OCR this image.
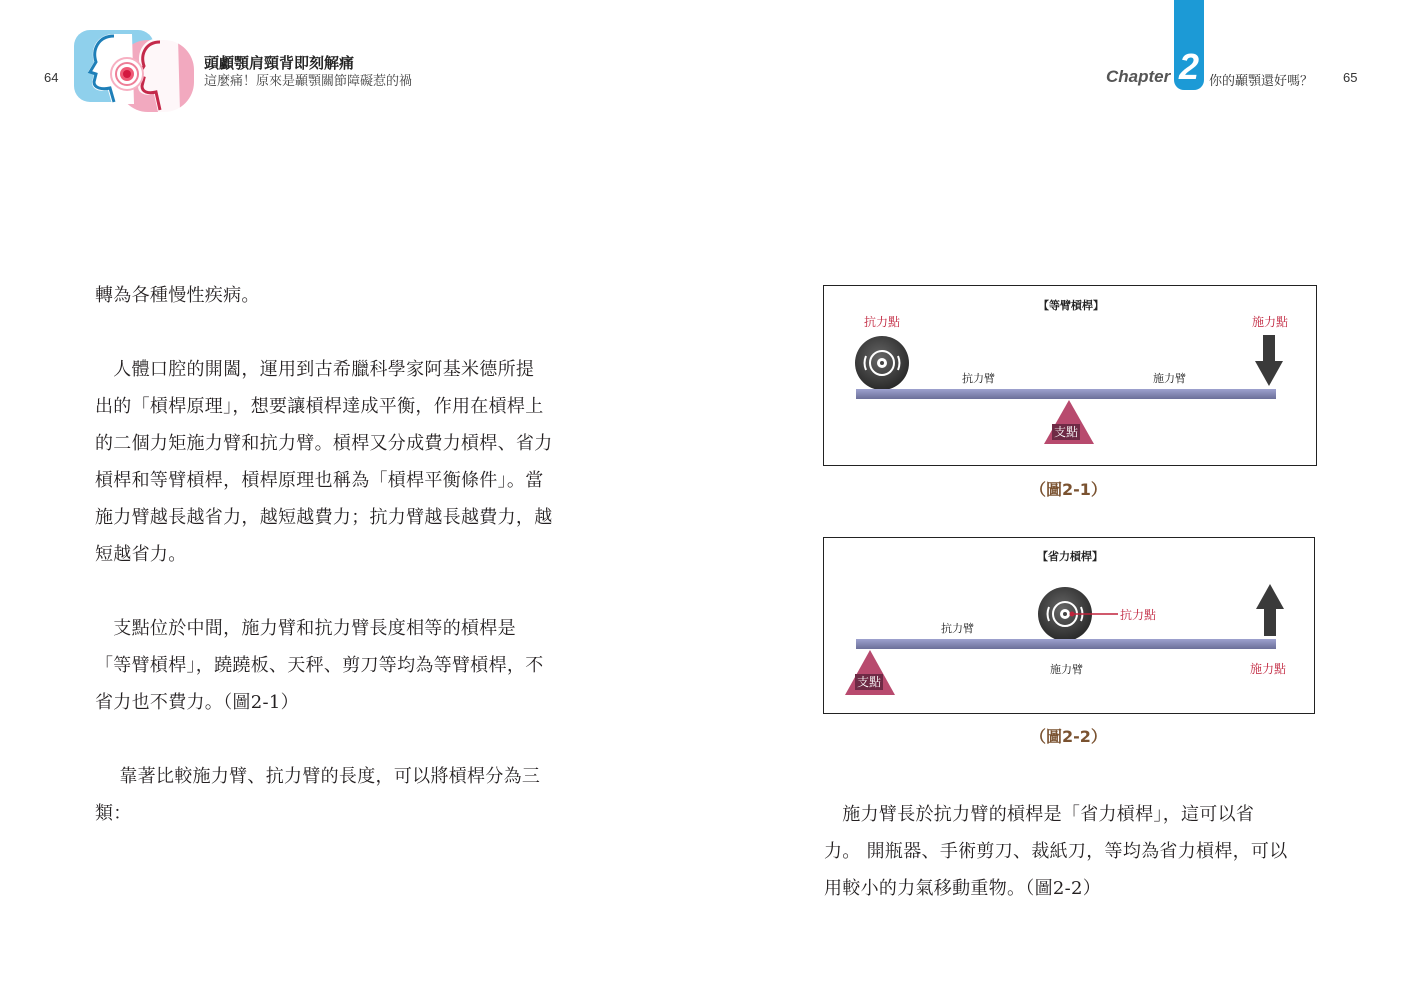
64
頭顱顎肩頸背即刻解痛
這麼痛！原來是顳顎關節障礙惹的禍	Chapter 2 你的顳顎還好嗎？ 65

轉為各種慢性疾病。

　人體口腔的開闔，運用到古希臘科學家阿基米德所提
出的「槓桿原理」，想要讓槓桿達成平衡，作用在槓桿上
的二個力矩施力臂和抗力臂。槓桿又分成費力槓桿、省力
槓桿和等臂槓桿，槓桿原理也稱為「槓桿平衡條件」。當
施力臂越長越省力，越短越費力；抗力臂越長越費力，越
短越省力。

　支點位於中間，施力臂和抗力臂長度相等的槓桿是
「等臂槓桿」，蹺蹺板、天秤、剪刀等均為等臂槓桿，不
省力也不費力。（圖2-1）

　 靠著比較施力臂、抗力臂的長度，可以將槓桿分為三
類：

【等臂槓桿】
抗力點	施力點
抗力臂	施力臂
支點
（圖2-1）
【省力槓桿】
抗力臂
抗力點
施力臂	施力點
支點
（圖2-2）

　施力臂長於抗力臂的槓桿是「省力槓桿」，這可以省
力。 開瓶器、手術剪刀、裁紙刀，等均為省力槓桿，可以
用較小的力氣移動重物。（圖2-2）
